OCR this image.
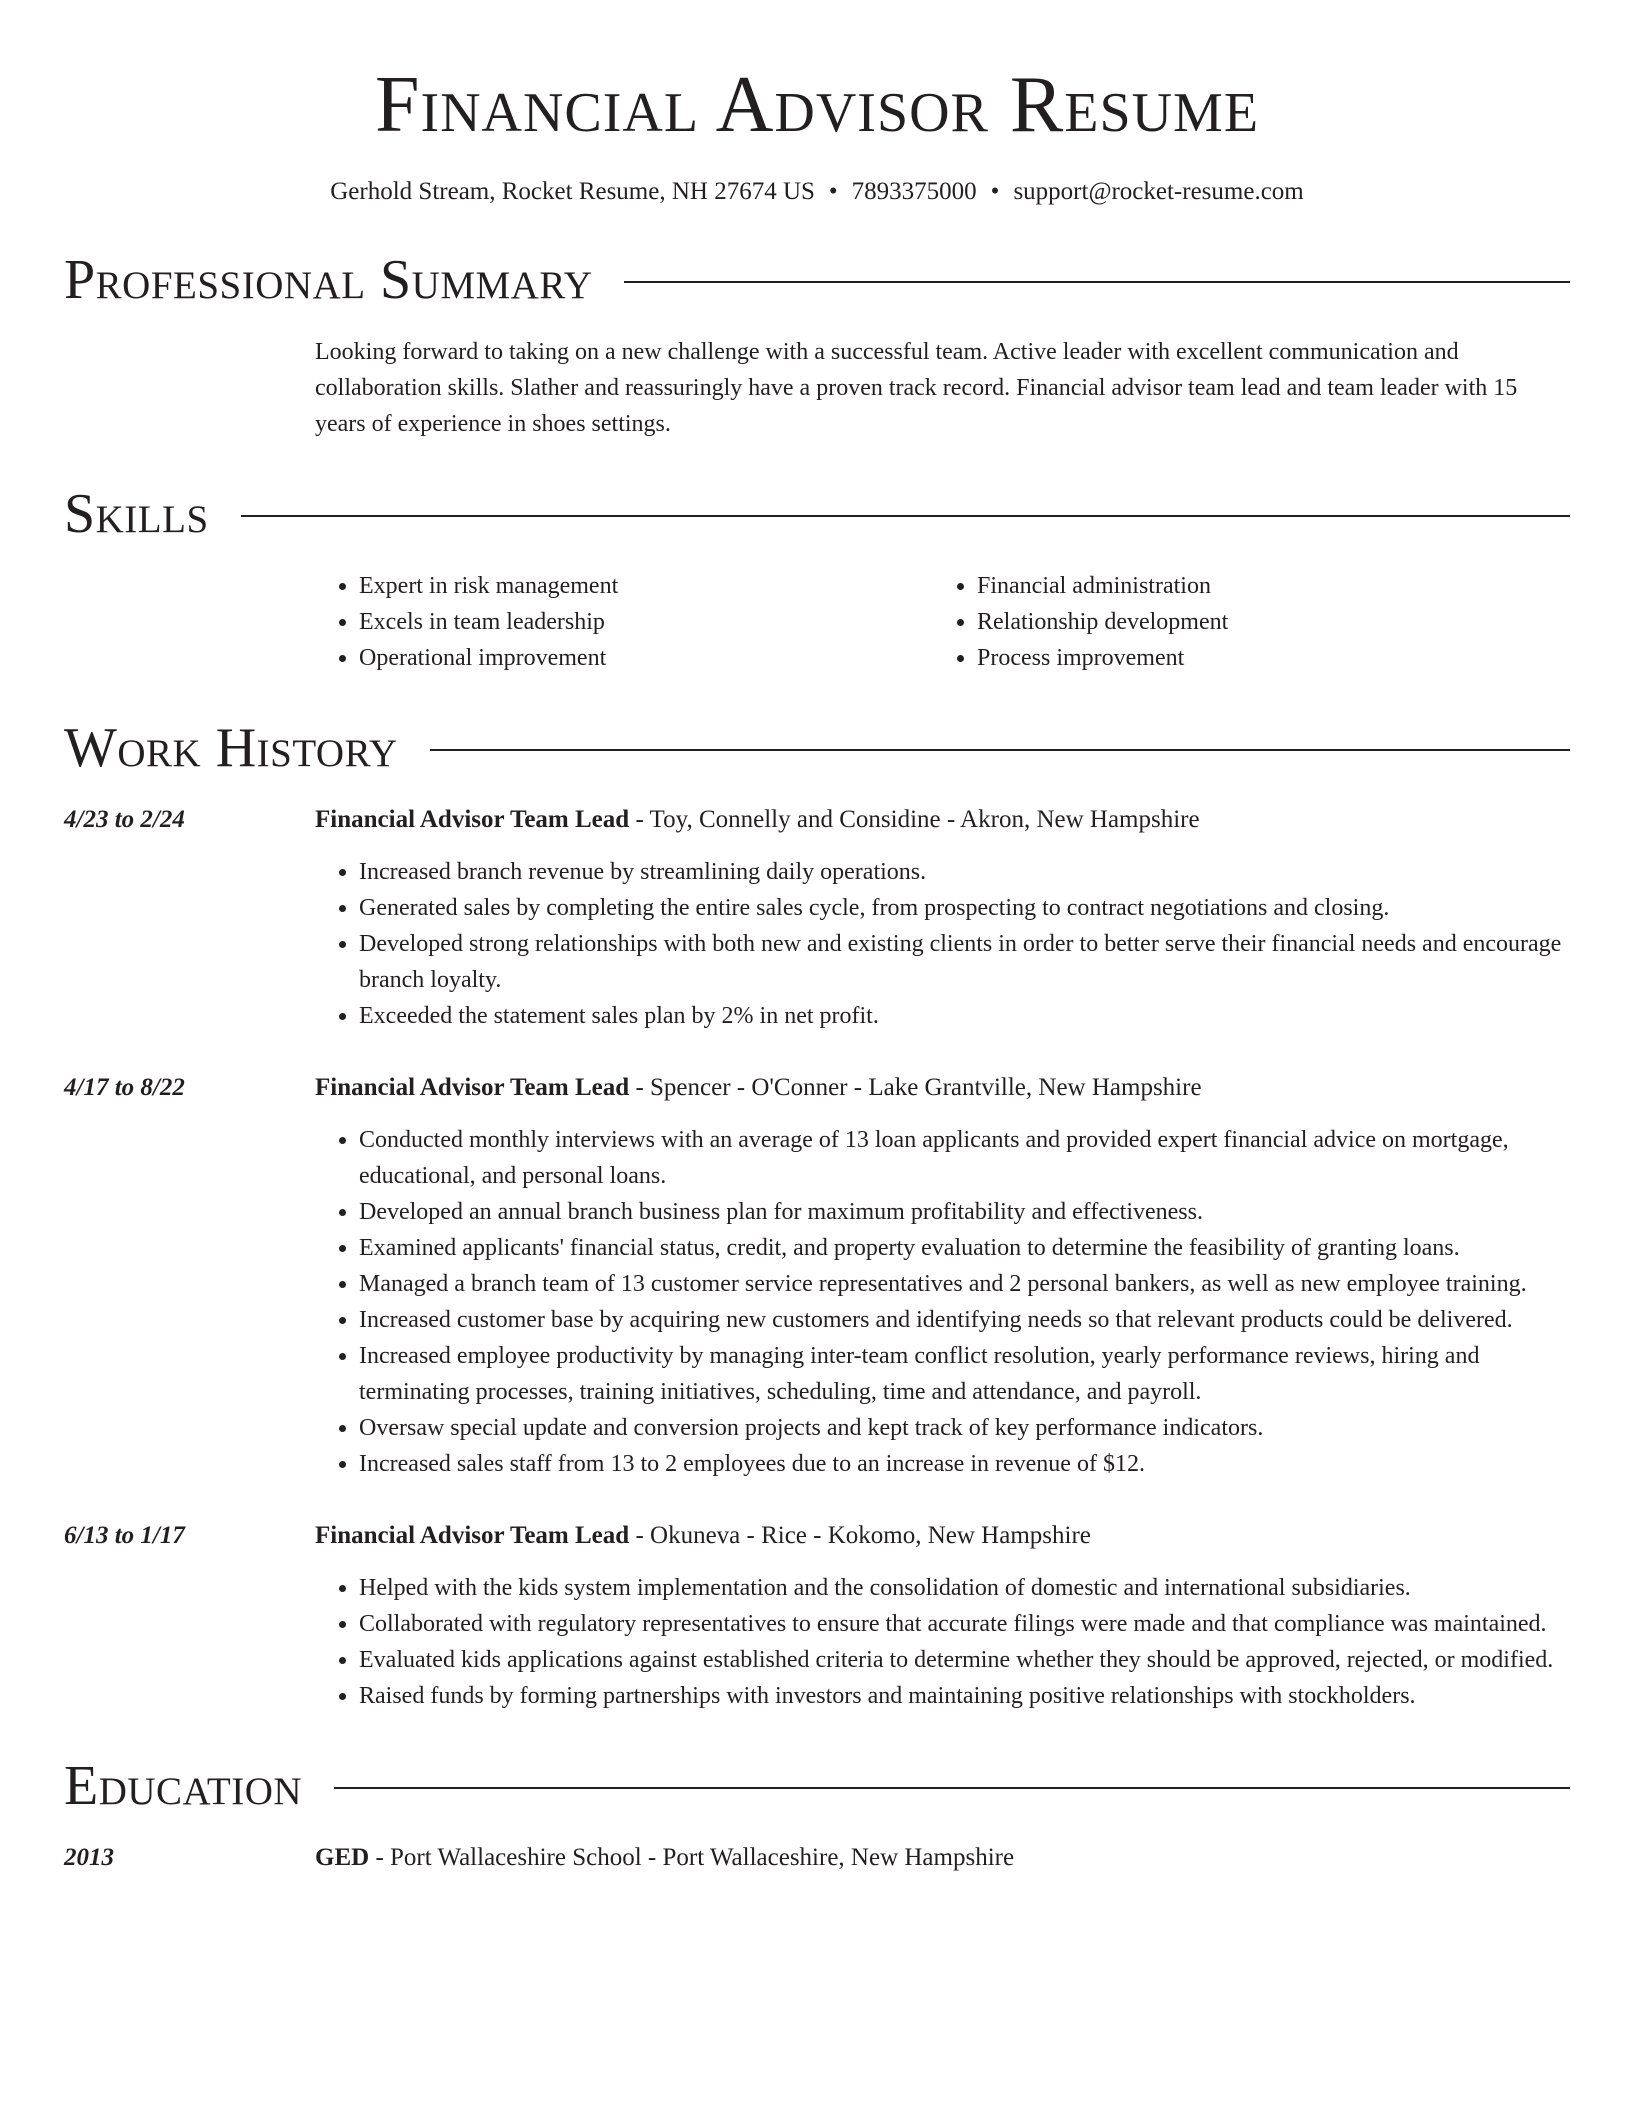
Financial Advisor Resume
Gerhold Stream, Rocket Resume, NH 27674 US • 7893375000 • support@rocket-resume.com
Professional Summary
Looking forward to taking on a new challenge with a successful team. Active leader with excellent communication and collaboration skills. Slather and reassuringly have a proven track record. Financial advisor team lead and team leader with 15 years of experience in shoes settings.
Skills
• Expert in risk management
• Excels in team leadership
• Operational improvement
• Financial administration
• Relationship development
• Process improvement
Work History
4/23 to 2/24	Financial Advisor Team Lead - Toy, Connelly and Considine - Akron, New Hampshire
• Increased branch revenue by streamlining daily operations.
• Generated sales by completing the entire sales cycle, from prospecting to contract negotiations and closing.
• Developed strong relationships with both new and existing clients in order to better serve their financial needs and encourage branch loyalty.
• Exceeded the statement sales plan by 2% in net profit.
4/17 to 8/22	Financial Advisor Team Lead - Spencer - O'Conner - Lake Grantville, New Hampshire
• Conducted monthly interviews with an average of 13 loan applicants and provided expert financial advice on mortgage, educational, and personal loans.
• Developed an annual branch business plan for maximum profitability and effectiveness.
• Examined applicants' financial status, credit, and property evaluation to determine the feasibility of granting loans.
• Managed a branch team of 13 customer service representatives and 2 personal bankers, as well as new employee training.
• Increased customer base by acquiring new customers and identifying needs so that relevant products could be delivered.
• Increased employee productivity by managing inter-team conflict resolution, yearly performance reviews, hiring and terminating processes, training initiatives, scheduling, time and attendance, and payroll.
• Oversaw special update and conversion projects and kept track of key performance indicators.
• Increased sales staff from 13 to 2 employees due to an increase in revenue of $12.
6/13 to 1/17	Financial Advisor Team Lead - Okuneva - Rice - Kokomo, New Hampshire
• Helped with the kids system implementation and the consolidation of domestic and international subsidiaries.
• Collaborated with regulatory representatives to ensure that accurate filings were made and that compliance was maintained.
• Evaluated kids applications against established criteria to determine whether they should be approved, rejected, or modified.
• Raised funds by forming partnerships with investors and maintaining positive relationships with stockholders.
Education
2013	GED - Port Wallaceshire School - Port Wallaceshire, New Hampshire
